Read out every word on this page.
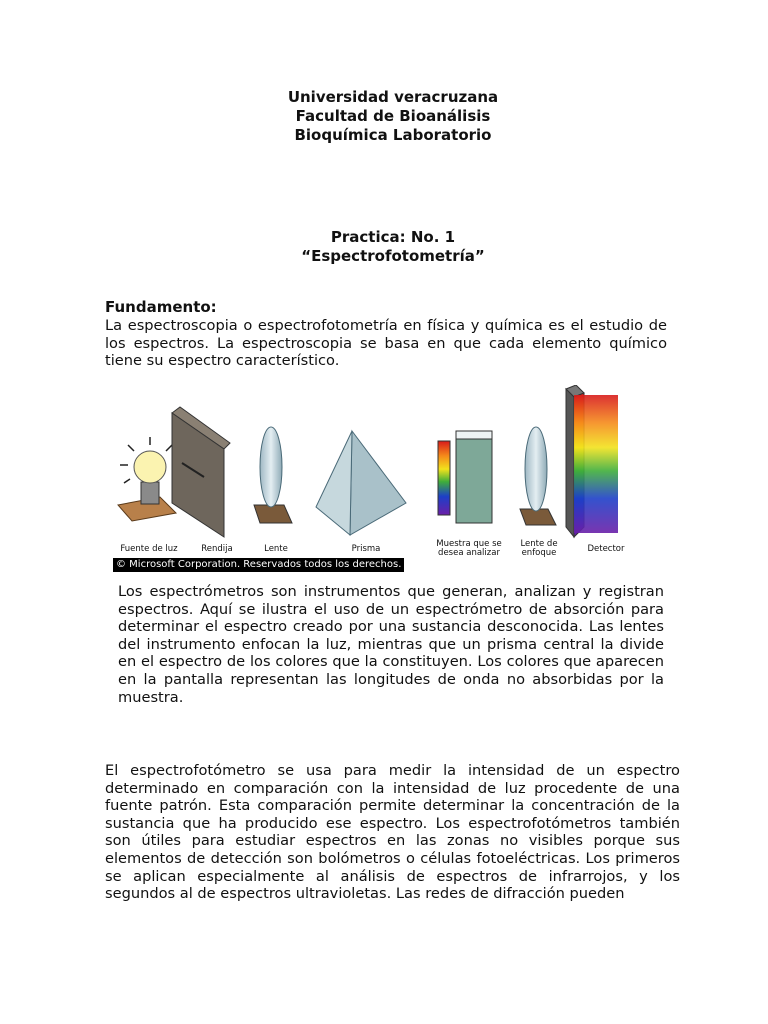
Universidad veracruzana
Facultad de Bioanálisis
Bioquímica Laboratorio
Practica: No. 1
“Espectrofotometría”
Fundamento:
La espectroscopia o espectrofotometría en física y química es el estudio de los espectros. La espectroscopia se basa en que cada elemento químico tiene su espectro característico.
Fuente de luz	Rendija	Lente	Prisma	Muestra que se
desea analizar
Lente de
enfoque	Detector
© Microsoft Corporation. Reservados todos los derechos.
Los espectrómetros son instrumentos que generan, analizan y registran espectros. Aquí se ilustra el uso de un espectrómetro de absorción para determinar el espectro creado por una sustancia desconocida. Las lentes del instrumento enfocan la luz, mientras que un prisma central la divide en el espectro de los colores que la constituyen. Los colores que aparecen en la pantalla representan las longitudes de onda no absorbidas por la muestra.
El espectrofotómetro se usa para medir la intensidad de un espectro determinado en comparación con la intensidad de luz procedente de una fuente patrón. Esta comparación permite determinar la concentración de la sustancia que ha producido ese espectro. Los espectrofotómetros también son útiles para estudiar espectros en las zonas no visibles porque sus elementos de detección son bolómetros o células fotoeléctricas. Los primeros se aplican especialmente al análisis de espectros de infrarrojos, y los segundos al de espectros ultravioletas. Las redes de difracción pueden
